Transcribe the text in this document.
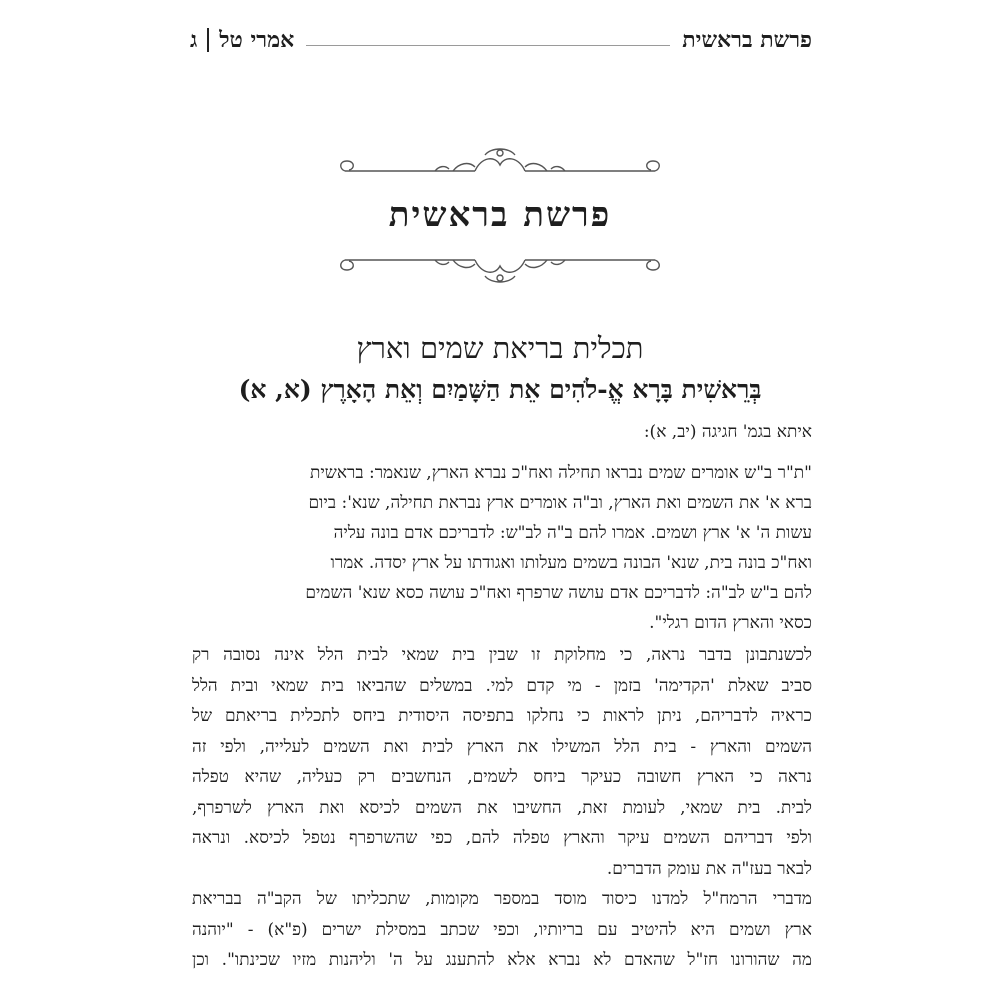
פרשת בראשית
אמרי טל
ג
פרשת בראשית
תכלית בריאת שמים וארץ
בְּרֵאשִׁית בָּרָא אֱ-לֹהִים אֵת הַשָּׁמַיִם וְאֵת הָאָרֶץ (א, א)
איתא בגמ' חגיגה (יב, א):
"ת"ר ב"ש אומרים שמים נבראו תחילה ואח"כ נברא הארץ, שנאמר: בראשית
ברא א' את השמים ואת הארץ, וב"ה אומרים ארץ נבראת תחילה, שנא': ביום
עשות ה' א' ארץ ושמים. אמרו להם ב"ה לב"ש: לדבריכם אדם בונה עליה
ואח"כ בונה בית, שנא' הבונה בשמים מעלותו ואגודתו על ארץ יסדה. אמרו
להם ב"ש לב"ה: לדבריכם אדם עושה שרפרף ואח"כ עושה כסא שנא' השמים
כסאי והארץ הדום רגלי".
לכשנתבונן בדבר נראה, כי מחלוקת זו שבין בית שמאי לבית הלל אינה נסובה רק
סביב שאלת 'הקדימה' בזמן - מי קדם למי. במשלים שהביאו בית שמאי ובית הלל
כראיה לדבריהם, ניתן לראות כי נחלקו בתפיסה היסודית ביחס לתכלית בריאתם של
השמים והארץ - בית הלל המשילו את הארץ לבית ואת השמים לעלייה, ולפי זה
נראה כי הארץ חשובה כעיקר ביחס לשמים, הנחשבים רק כעליה, שהיא טפלה
לבית. בית שמאי, לעומת זאת, החשיבו את השמים לכיסא ואת הארץ לשרפרף,
ולפי דבריהם השמים עיקר והארץ טפלה להם, כפי שהשרפרף נטפל לכיסא. ונראה
לבאר בעז"ה את עומק הדברים.
מדברי הרמח"ל למדנו כיסוד מוסד במספר מקומות, שתכליתו של הקב"ה בבריאת
ארץ ושמים היא להיטיב עם בריותיו, וכפי שכתב במסילת ישרים (פ"א) - "יוהנה
מה שהורונו חז"ל שהאדם לא נברא אלא להתענג על ה' וליהנות מזיו שכינתו". וכן
